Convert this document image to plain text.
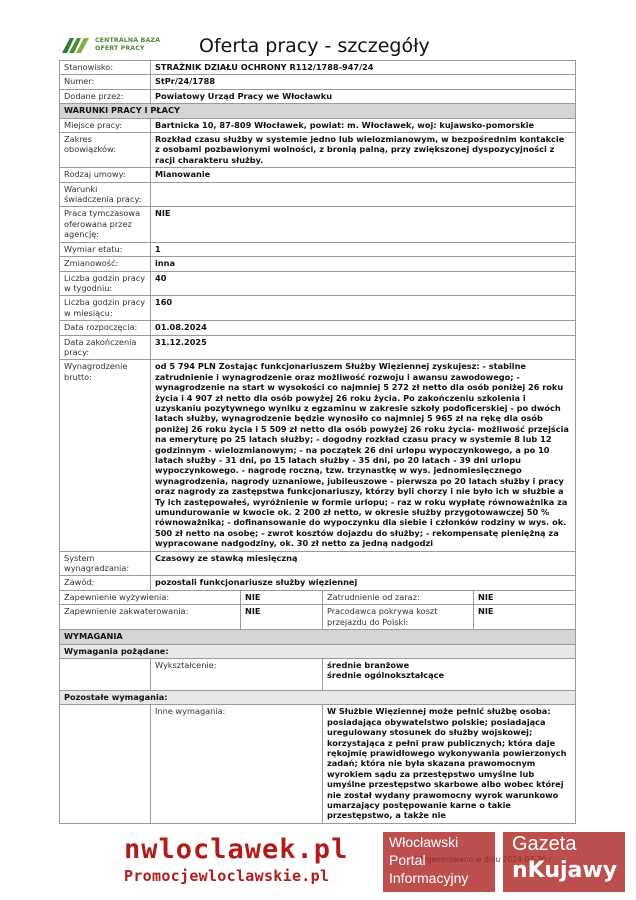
CENTRALNA BAZA
OFERT PRACY	Oferta pracy - szczegóły
Stanowisko:	STRAŻNIK DZIAŁU OCHRONY R112/1788-947/24			
Numer:	StPr/24/1788			
Dodane przez:	Powiatowy Urząd Pracy we Włocławku			
WARUNKI PRACY I PŁACY				
Miejsce pracy:	Bartnicka 10, 87-809 Włocławek, powiat: m. Włocławek, woj: kujawsko-pomorskie			
Zakres obowiązków:	Rozkład czasu służby w systemie jedno lub wielozmianowym, w bezpośrednim kontakcie z osobami pozbawionymi wolności, z bronią palną, przy zwiększonej dyspozycyjności z racji charakteru służby.			
Rodzaj umowy:	Mianowanie			
Warunki świadczenia pracy:				
Praca tymczasowa oferowana przez agencję:	NIE			
Wymiar etatu:	1			
Zmianowość:	inna			
Liczba godzin pracy w tygodniu:	40			
Liczba godzin pracy w miesiącu:	160			
Data rozpoczęcia:	01.08.2024			
Data zakończenia pracy:	31.12.2025			
Wynagrodzenie brutto:	od 5 794 PLN Zostając funkcjonariuszem Służby Więziennej zyskujesz: - stabilne zatrudnienie i wynagrodzenie oraz możliwość rozwoju i awansu zawodowego; - wynagrodzenie na start w wysokości co najmniej 5 272 zł netto dla osób poniżej 26 roku życia i 4 907 zł netto dla osób powyżej 26 roku życia. Po zakończeniu szkolenia i uzyskaniu pozytywnego wyniku z egzaminu w zakresie szkoły podoficerskiej - po dwóch latach służby, wynagrodzenie będzie wynosiło co najmniej 5 965 zł na rękę dla osób poniżej 26 roku życia i 5 509 zł netto dla osób powyżej 26 roku życia- możliwość przejścia na emeryturę po 25 latach służby; - dogodny rozkład czasu pracy w systemie 8 lub 12 godzinnym - wielozmianowym; - na początek 26 dni urlopu wypoczynkowego, a po 10 latach służby - 31 dni, po 15 latach służby - 35 dni, po 20 latach - 39 dni urlopu wypoczynkowego. - nagrodę roczną, tzw. trzynastkę w wys. jednomiesięcznego wynagrodzenia, nagrody uznaniowe, jubileuszowe - pierwsza po 20 latach służby i pracy oraz nagrody za zastępstwa funkcjonariuszy, którzy byli chorzy i nie było ich w służbie a Ty ich zastępowałeś, wyróżnienie w formie urlopu; - raz w roku wypłatę równoważnika za umundurowanie w kwocie ok. 2 200 zł netto, w okresie służby przygotowawczej 50 % równoważnika; - dofinansowanie do wypoczynku dla siebie i członków rodziny w wys. ok. 500 zł netto na osobę; - zwrot kosztów dojazdu do służby; - rekompensatę pieniężną za wypracowane nadgodziny, ok. 30 zł netto za jedną nadgodzi			
System wynagradzania:	Czasowy ze stawką miesięczną			
Zawód:	pozostali funkcjonariusze służby więziennej			
Zapewnienie wyżywienia:		NIE	Zatrudnienie od zaraz:	NIE
Zapewnienie zakwaterowania:		NIE	Pracodawca pokrywa koszt przejazdu do Polski:	NIE
WYMAGANIA				
Wymagania pożądane:				
	Wykształcenie:		średnie branżowe
średnie ogólnokształcące	

Pozostałe wymagania:				
	Inne wymagania:		W Służbie Więziennej może pełnić służbę osoba: posiadająca obywatelstwo polskie; posiadająca uregulowany stosunek do służby wojskowej; korzystająca z pełni praw publicznych; która daje rękojmię prawidłowego wykonywania powierzonych zadań; która nie była skazana prawomocnym wyrokiem sądu za przestępstwo umyślne lub umyślne przestępstwo skarbowe albo wobec której nie został wydany prawomocny wyrok warunkowo umarzający postępowanie karne o takie przestępstwo, a także nie	
nwloclawek.pl
Promocjewloclawskie.pl
Włocławski
Portal
Informacyjny
Gazeta
nKujawy
